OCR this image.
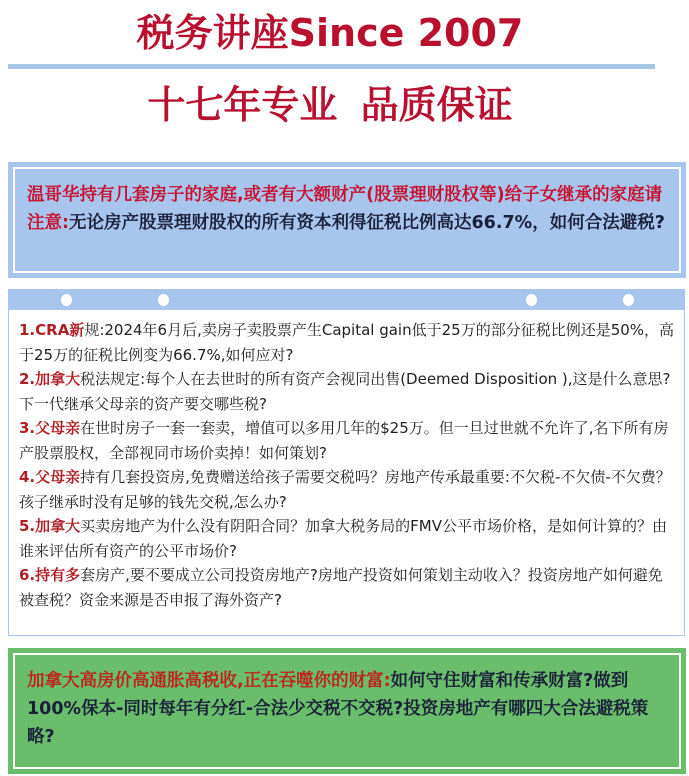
税务讲座Since 2007
十七年专业 品质保证
温哥华持有几套房子的家庭,或者有大额财产(股票理财股权等)给子女继承的家庭请注意:无论房产股票理财股权的所有资本利得征税比例高达66.7%，如何合法避税?
1.CRA新规:2024年6月后,卖房子卖股票产生Capital gain低于25万的部分征税比例还是50%，高于25万的征税比例变为66.7%,如何应对?
2.加拿大税法规定:每个人在去世时的所有资产会视同出售(Deemed Disposition ),这是什么意思?下一代继承父母亲的资产要交哪些税?
3.父母亲在世时房子一套一套卖，增值可以多用几年的$25万。但一旦过世就不允许了,名下所有房产股票股权，全部视同市场价卖掉！如何策划?
4.父母亲持有几套投资房,免费赠送给孩子需要交税吗？房地产传承最重要:不欠税-不欠债-不欠费？孩子继承时没有足够的钱先交税,怎么办?
5.加拿大买卖房地产为什么没有阴阳合同？加拿大税务局的FMV公平市场价格，是如何计算的？由谁来评估所有资产的公平市场价?
6.持有多套房产,要不要成立公司投资房地产?房地产投资如何策划主动收入？投资房地产如何避免被查税？资金来源是否申报了海外资产?
加拿大高房价高通胀高税收,正在吞噬你的财富:如何守住财富和传承财富?做到100%保本-同时每年有分红-合法少交税不交税?投资房地产有哪四大合法避税策略?
